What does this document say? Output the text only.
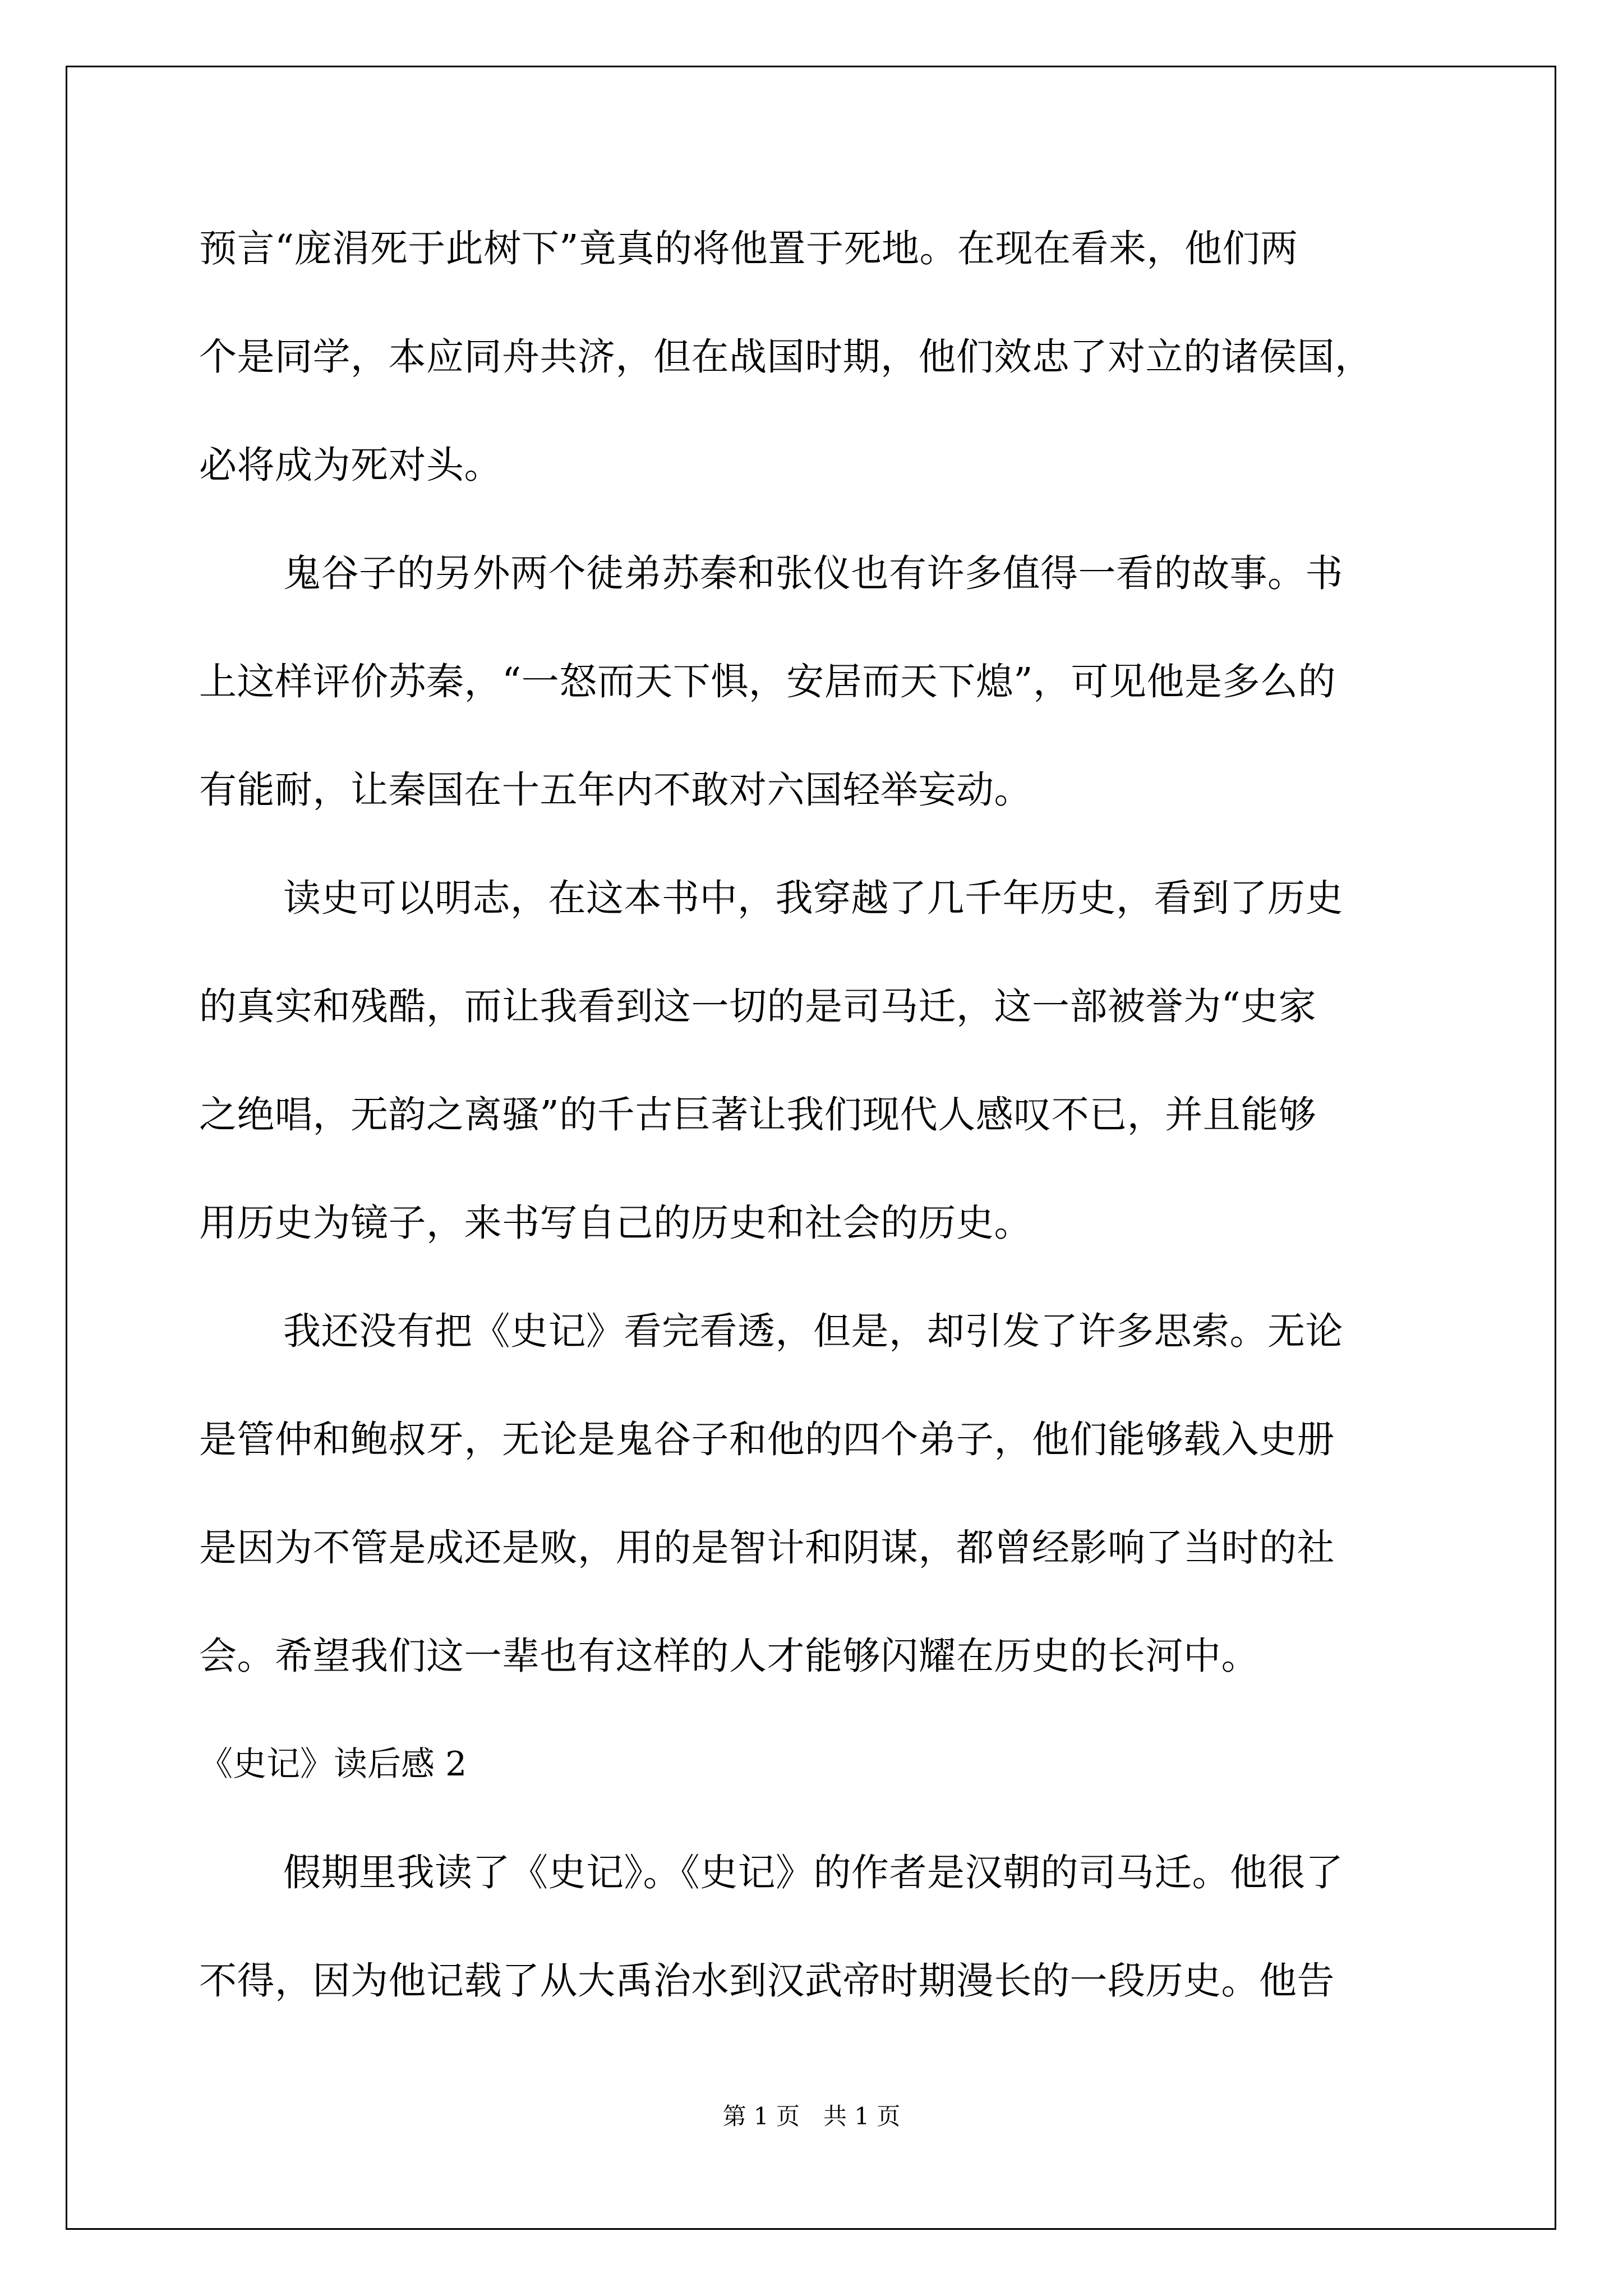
预言“庞涓死于此树下”竟真的将他置于死地。在现在看来，他们两
个是同学，本应同舟共济，但在战国时期，他们效忠了对立的诸侯国，
必将成为死对头。
鬼谷子的另外两个徒弟苏秦和张仪也有许多值得一看的故事。书
上这样评价苏秦，“一怒而天下惧，安居而天下熄”，可见他是多么的
有能耐，让秦国在十五年内不敢对六国轻举妄动。
读史可以明志，在这本书中，我穿越了几千年历史，看到了历史
的真实和残酷，而让我看到这一切的是司马迁，这一部被誉为“史家
之绝唱，无韵之离骚”的千古巨著让我们现代人感叹不已，并且能够
用历史为镜子，来书写自己的历史和社会的历史。
我还没有把《史记》看完看透，但是，却引发了许多思索。无论
是管仲和鲍叔牙，无论是鬼谷子和他的四个弟子，他们能够载入史册
是因为不管是成还是败，用的是智计和阴谋，都曾经影响了当时的社
会。希望我们这一辈也有这样的人才能够闪耀在历史的长河中。
《史记》读后感 2
假期里我读了《史记》。《史记》的作者是汉朝的司马迁。他很了
不得，因为他记载了从大禹治水到汉武帝时期漫长的一段历史。他告
第 1 页　共 1 页
